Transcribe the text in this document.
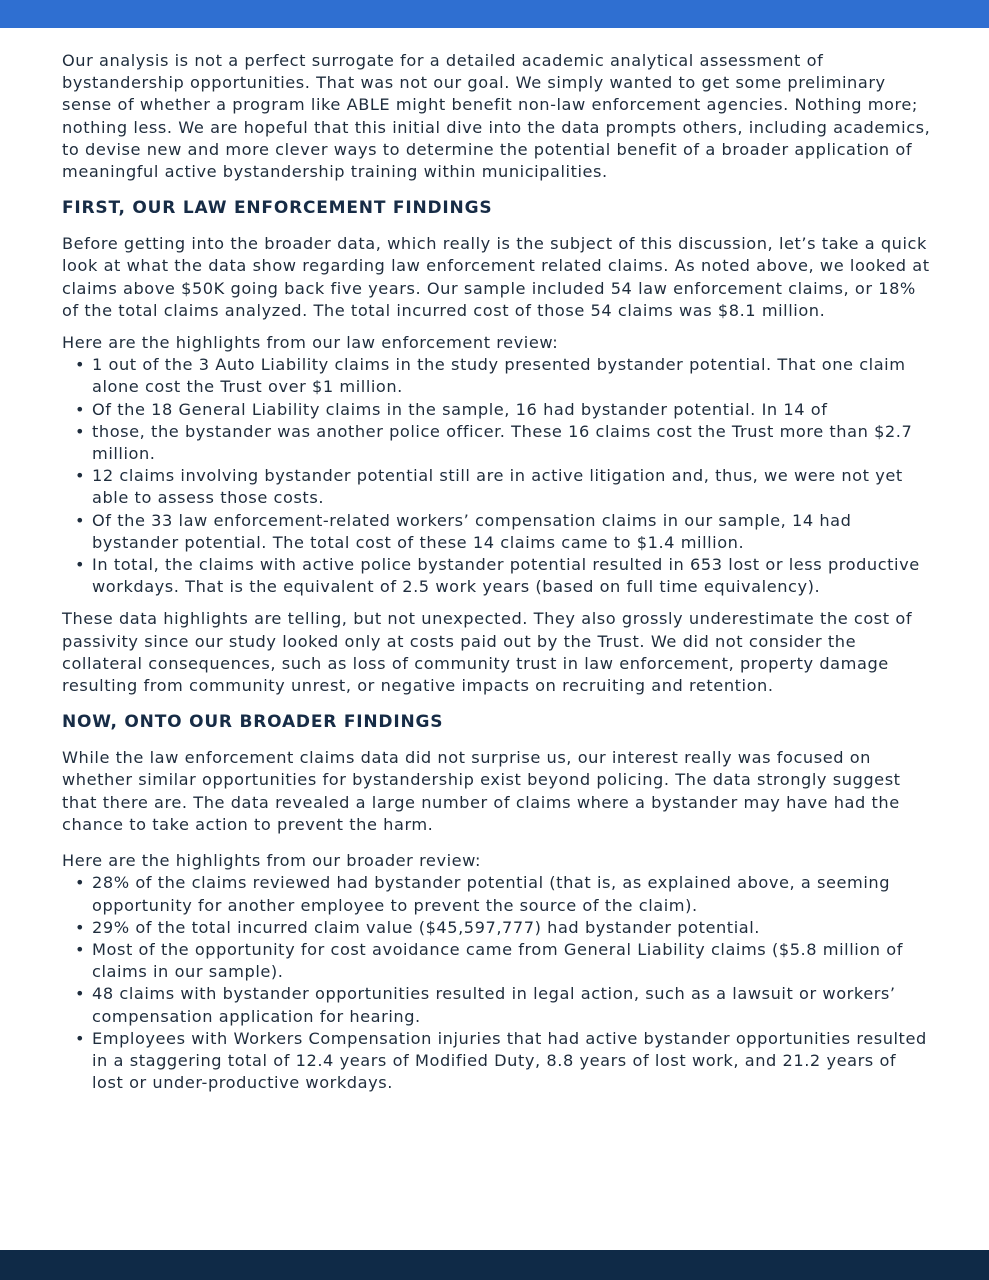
Our analysis is not a perfect surrogate for a detailed academic analytical assessment of bystandership opportunities. That was not our goal. We simply wanted to get some preliminary sense of whether a program like ABLE might benefit non-law enforcement agencies. Nothing more; nothing less. We are hopeful that this initial dive into the data prompts others, including academics, to devise new and more clever ways to determine the potential benefit of a broader application of meaningful active bystandership training within municipalities.

FIRST, OUR LAW ENFORCEMENT FINDINGS

Before getting into the broader data, which really is the subject of this discussion, let’s take a quick look at what the data show regarding law enforcement related claims. As noted above, we looked at claims above $50K going back five years. Our sample included 54 law enforcement claims, or 18% of the total claims analyzed. The total incurred cost of those 54 claims was $8.1 million.

Here are the highlights from our law enforcement review:

• 1 out of the 3 Auto Liability claims in the study presented bystander potential. That one claim alone cost the Trust over $1 million.
• Of the 18 General Liability claims in the sample, 16 had bystander potential. In 14 of
• those, the bystander was another police officer. These 16 claims cost the Trust more than $2.7 million.
• 12 claims involving bystander potential still are in active litigation and, thus, we were not yet able to assess those costs.
• Of the 33 law enforcement-related workers’ compensation claims in our sample, 14 had bystander potential. The total cost of these 14 claims came to $1.4 million.
• In total, the claims with active police bystander potential resulted in 653 lost or less productive workdays. That is the equivalent of 2.5 work years (based on full time equivalency).

These data highlights are telling, but not unexpected. They also grossly underestimate the cost of passivity since our study looked only at costs paid out by the Trust. We did not consider the collateral consequences, such as loss of community trust in law enforcement, property damage resulting from community unrest, or negative impacts on recruiting and retention.

NOW, ONTO OUR BROADER FINDINGS

While the law enforcement claims data did not surprise us, our interest really was focused on whether similar opportunities for bystandership exist beyond policing. The data strongly suggest that there are. The data revealed a large number of claims where a bystander may have had the chance to take action to prevent the harm.

Here are the highlights from our broader review:

• 28% of the claims reviewed had bystander potential (that is, as explained above, a seeming opportunity for another employee to prevent the source of the claim).
• 29% of the total incurred claim value ($45,597,777) had bystander potential.
• Most of the opportunity for cost avoidance came from General Liability claims ($5.8 million of claims in our sample).
• 48 claims with bystander opportunities resulted in legal action, such as a lawsuit or workers’ compensation application for hearing.
• Employees with Workers Compensation injuries that had active bystander opportunities resulted in a staggering total of 12.4 years of Modified Duty, 8.8 years of lost work, and 21.2 years of lost or under-productive workdays.
